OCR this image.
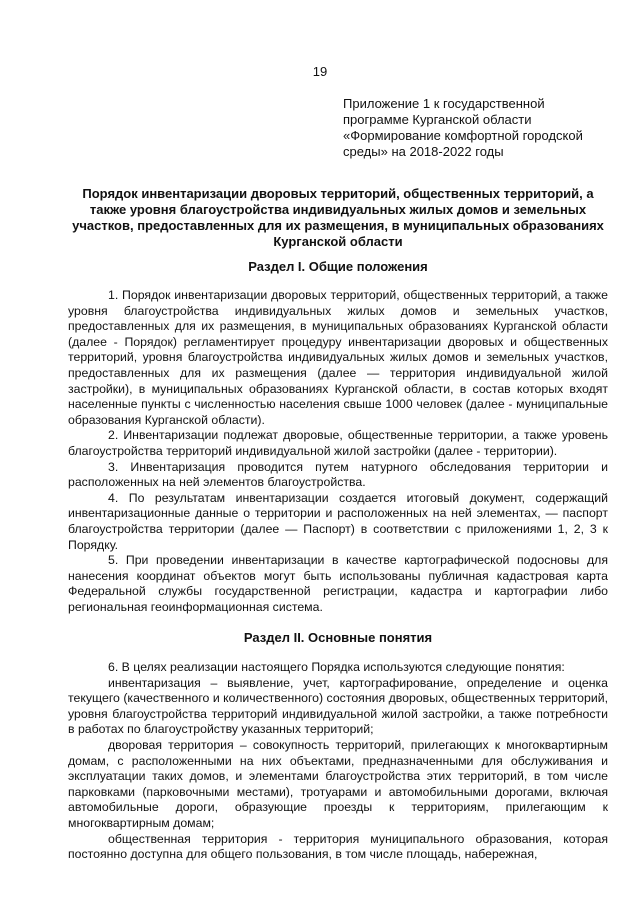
19
Приложение 1 к государственной
программе Курганской области
«Формирование комфортной городской
среды» на 2018-2022 годы
Порядок инвентаризации дворовых территорий, общественных территорий, а
также уровня благоустройства индивидуальных жилых домов и земельных
участков, предоставленных для их размещения, в муниципальных образованиях
Курганской области
Раздел I. Общие положения

1. Порядок инвентаризации дворовых территорий, общественных территорий, а также уровня благоустройства индивидуальных жилых домов и земельных участков, предоставленных для их размещения, в муниципальных образованиях Курганской области (далее - Порядок) регламентирует процедуру инвентаризации дворовых и общественных территорий, уровня благоустройства индивидуальных жилых домов и земельных участков, предоставленных для их размещения (далее — территория индивидуальной жилой застройки), в муниципальных образованиях Курганской области, в состав которых входят населенные пункты с численностью населения свыше 1000 человек (далее - муниципальные образования Курганской области).

2. Инвентаризации подлежат дворовые, общественные территории, а также уровень благоустройства территорий индивидуальной жилой застройки (далее - территории).

3. Инвентаризация проводится путем натурного обследования территории и расположенных на ней элементов благоустройства.

4. По результатам инвентаризации создается итоговый документ, содержащий инвентаризационные данные о территории и расположенных на ней элементах, — паспорт благоустройства территории (далее — Паспорт) в соответствии с приложениями 1, 2, 3 к Порядку.

5. При проведении инвентаризации в качестве картографической подосновы для нанесения координат объектов могут быть использованы публичная кадастровая карта Федеральной службы государственной регистрации, кадастра и картографии либо региональная геоинформационная система.

Раздел II. Основные понятия

6. В целях реализации настоящего Порядка используются следующие понятия:

инвентаризация – выявление, учет, картографирование, определение и оценка текущего (качественного и количественного) состояния дворовых, общественных территорий, уровня благоустройства территорий индивидуальной жилой застройки, а также потребности в работах по благоустройству указанных территорий;

дворовая территория – совокупность территорий, прилегающих к многоквартирным домам, с расположенными на них объектами, предназначенными для обслуживания и эксплуатации таких домов, и элементами благоустройства этих территорий, в том числе парковками (парковочными местами), тротуарами и автомобильными дорогами, включая автомобильные дороги, образующие проезды к территориям, прилегающим к многоквартирным домам;

общественная территория - территория муниципального образования, которая постоянно доступна для общего пользования, в том числе площадь, набережная,
